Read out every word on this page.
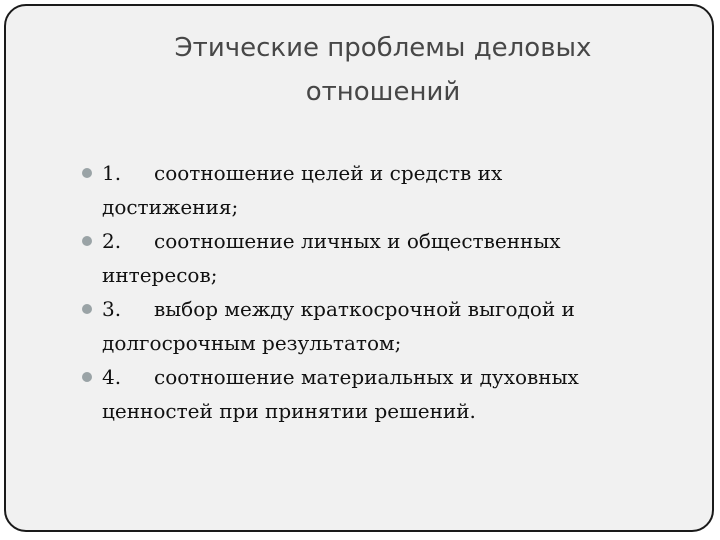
Этические проблемы деловых
отношений
1. соотношение целей и средств их
достижения;
2. соотношение личных и общественных
интересов;
3. выбор между краткосрочной выгодой и
долгосрочным результатом;
4. соотношение материальных и духовных
ценностей при принятии решений.
